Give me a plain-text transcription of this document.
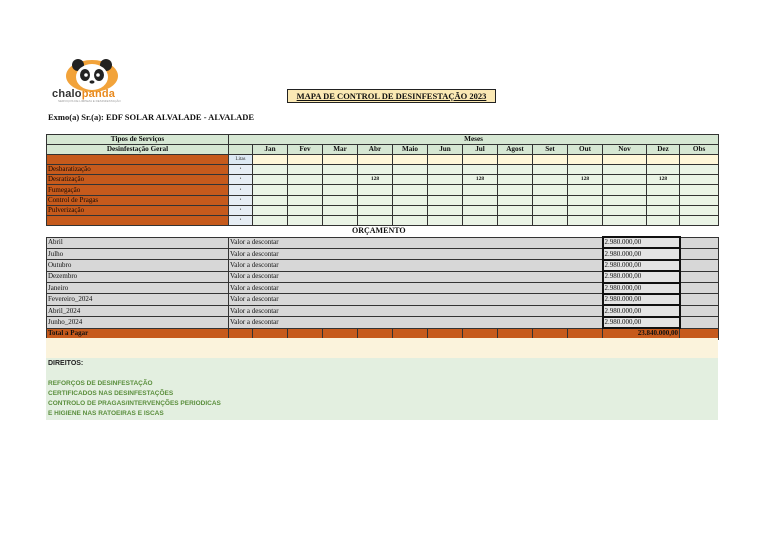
chalopanda
SERVIÇOS DE LIMPEZA E DESINFESTAÇÃO	MAPA DE CONTROL DE DESINFESTAÇÃO 2023
Exmo(a) Sr.(a): EDF SOLAR ALVALADE - ALVALADE
Tipos de Serviços	Meses													
Desinfestação Geral		Jan	Fev	Mar	Abr	Maio	Jun	Jul	Agost	Set	Out	Nov	Dez	Obs
	Litas													
Desbaratização	•													
Desratização	•				128			128			128		128	
Fumegação	•													
Control de Pragas	•													
Pulverização	•													
	•													
ORÇAMENTO
Abril	Valor a descontar											2.980.000,00	
Julho	Valor a descontar											2.980.000,00	
Outubro	Valor a descontar											2.980.000,00	
Dezembro	Valor a descontar											2.980.000,00	
Janeiro	Valor a descontar											2.980.000,00	
Fevereiro_2024	Valor a descontar											2.980.000,00	
Abril_2024	Valor a descontar											2.980.000,00	
Junho_2024	Valor a descontar											2.980.000,00	
Total a Pagar												23.840.000,00	
DIREITOS:
REFORÇOS DE DESINFESTAÇÃO
CERTIFICADOS NAS DESINFESTAÇÕES
CONTROLO DE PRAGAS/INTERVENÇÕES PERIODICAS
E HIGIENE NAS RATOEIRAS E ISCAS
